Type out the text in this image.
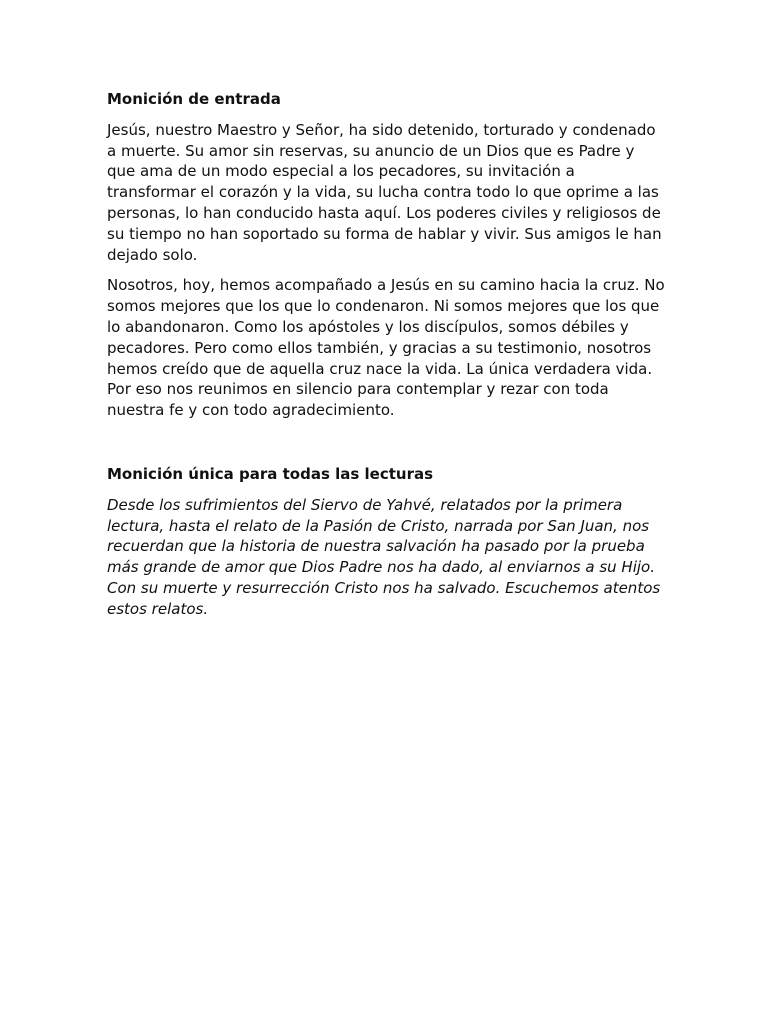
Monición de entrada

Jesús, nuestro Maestro y Señor, ha sido detenido, torturado y condenado a muerte. Su amor sin reservas, su anuncio de un Dios que es Padre y que ama de un modo especial a los pecadores, su invitación a transformar el corazón y la vida, su lucha contra todo lo que oprime a las personas, lo han conducido hasta aquí. Los poderes civiles y religiosos de su tiempo no han soportado su forma de hablar y vivir. Sus amigos le han dejado solo.

Nosotros, hoy, hemos acompañado a Jesús en su camino hacia la cruz. No somos mejores que los que lo condenaron. Ni somos mejores que los que lo abandonaron. Como los apóstoles y los discípulos, somos débiles y pecadores. Pero como ellos también, y gracias a su testimonio, nosotros hemos creído que de aquella cruz nace la vida. La única verdadera vida. Por eso nos reunimos en silencio para contemplar y rezar con toda nuestra fe y con todo agradecimiento.

Monición única para todas las lecturas

Desde los sufrimientos del Siervo de Yahvé, relatados por la primera lectura, hasta el relato de la Pasión de Cristo, narrada por San Juan, nos recuerdan que la historia de nuestra salvación ha pasado por la prueba más grande de amor que Dios Padre nos ha dado, al enviarnos a su Hijo. Con su muerte y resurrección Cristo nos ha salvado. Escuchemos atentos estos relatos.
